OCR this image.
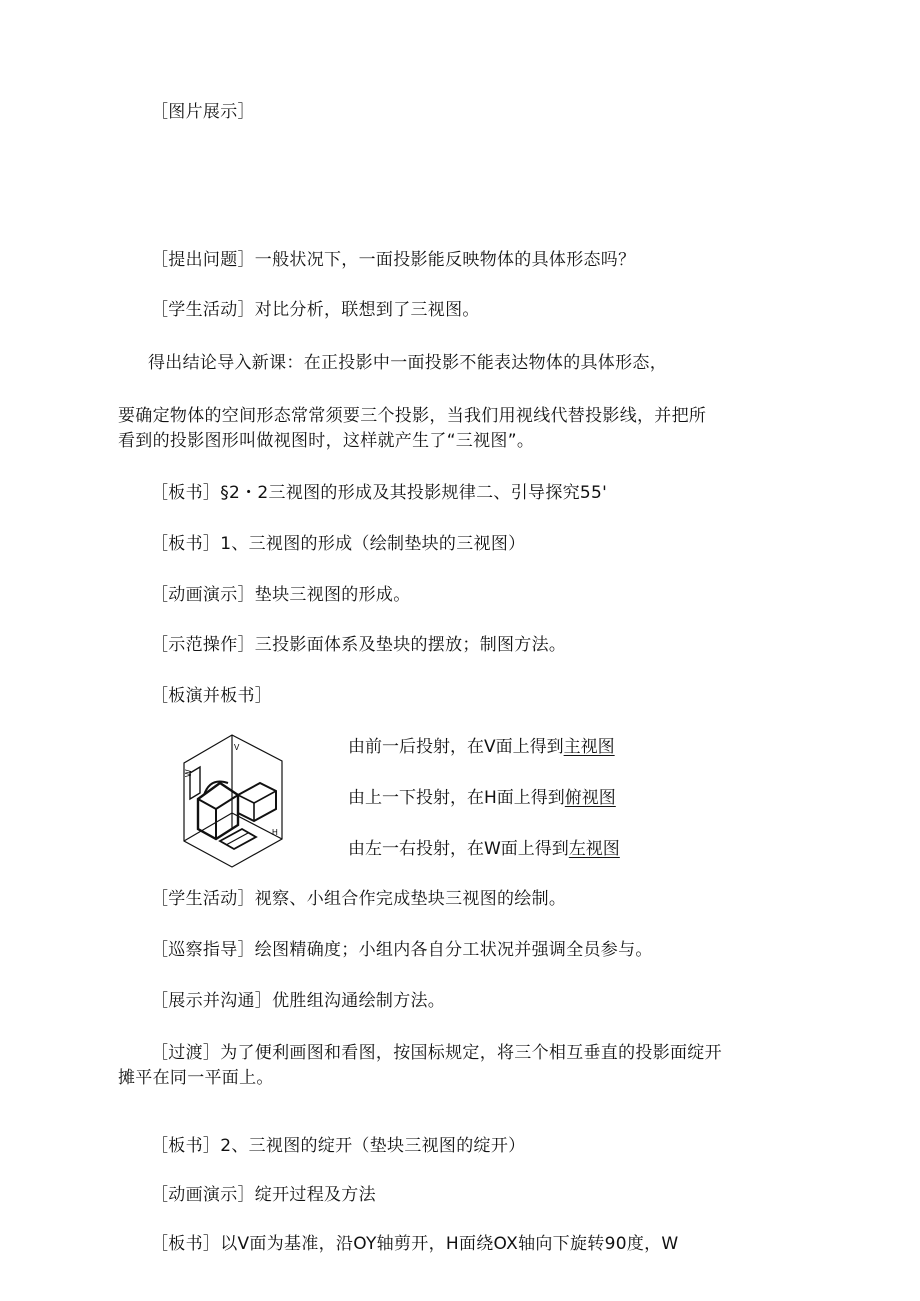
［图片展示］
［提出问题］一般状况下，一面投影能反映物体的具体形态吗？
［学生活动］对比分析，联想到了三视图。
得出结论导入新课：在正投影中一面投影不能表达物体的具体形态，
要确定物体的空间形态常常须要三个投影，当我们用视线代替投影线，并把所
看到的投影图形叫做视图时，这样就产生了“三视图”。
［板书］§2・2三视图的形成及其投影规律二、引导探究55'
［板书］1、三视图的形成（绘制垫块的三视图）
［动画演示］垫块三视图的形成。
［示范操作］三投影面体系及垫块的摆放；制图方法。
［板演并板书］
V
W
H
由前一后投射，在V面上得到主视图
由上一下投射，在H面上得到俯视图
由左一右投射，在W面上得到左视图
［学生活动］视察、小组合作完成垫块三视图的绘制。
［巡察指导］绘图精确度；小组内各自分工状况并强调全员参与。
［展示并沟通］优胜组沟通绘制方法。
［过渡］为了便利画图和看图，按国标规定，将三个相互垂直的投影面绽开
摊平在同一平面上。
［板书］2、三视图的绽开（垫块三视图的绽开）
［动画演示］绽开过程及方法
［板书］以V面为基准，沿OY轴剪开，H面绕OX轴向下旋转90度，W
